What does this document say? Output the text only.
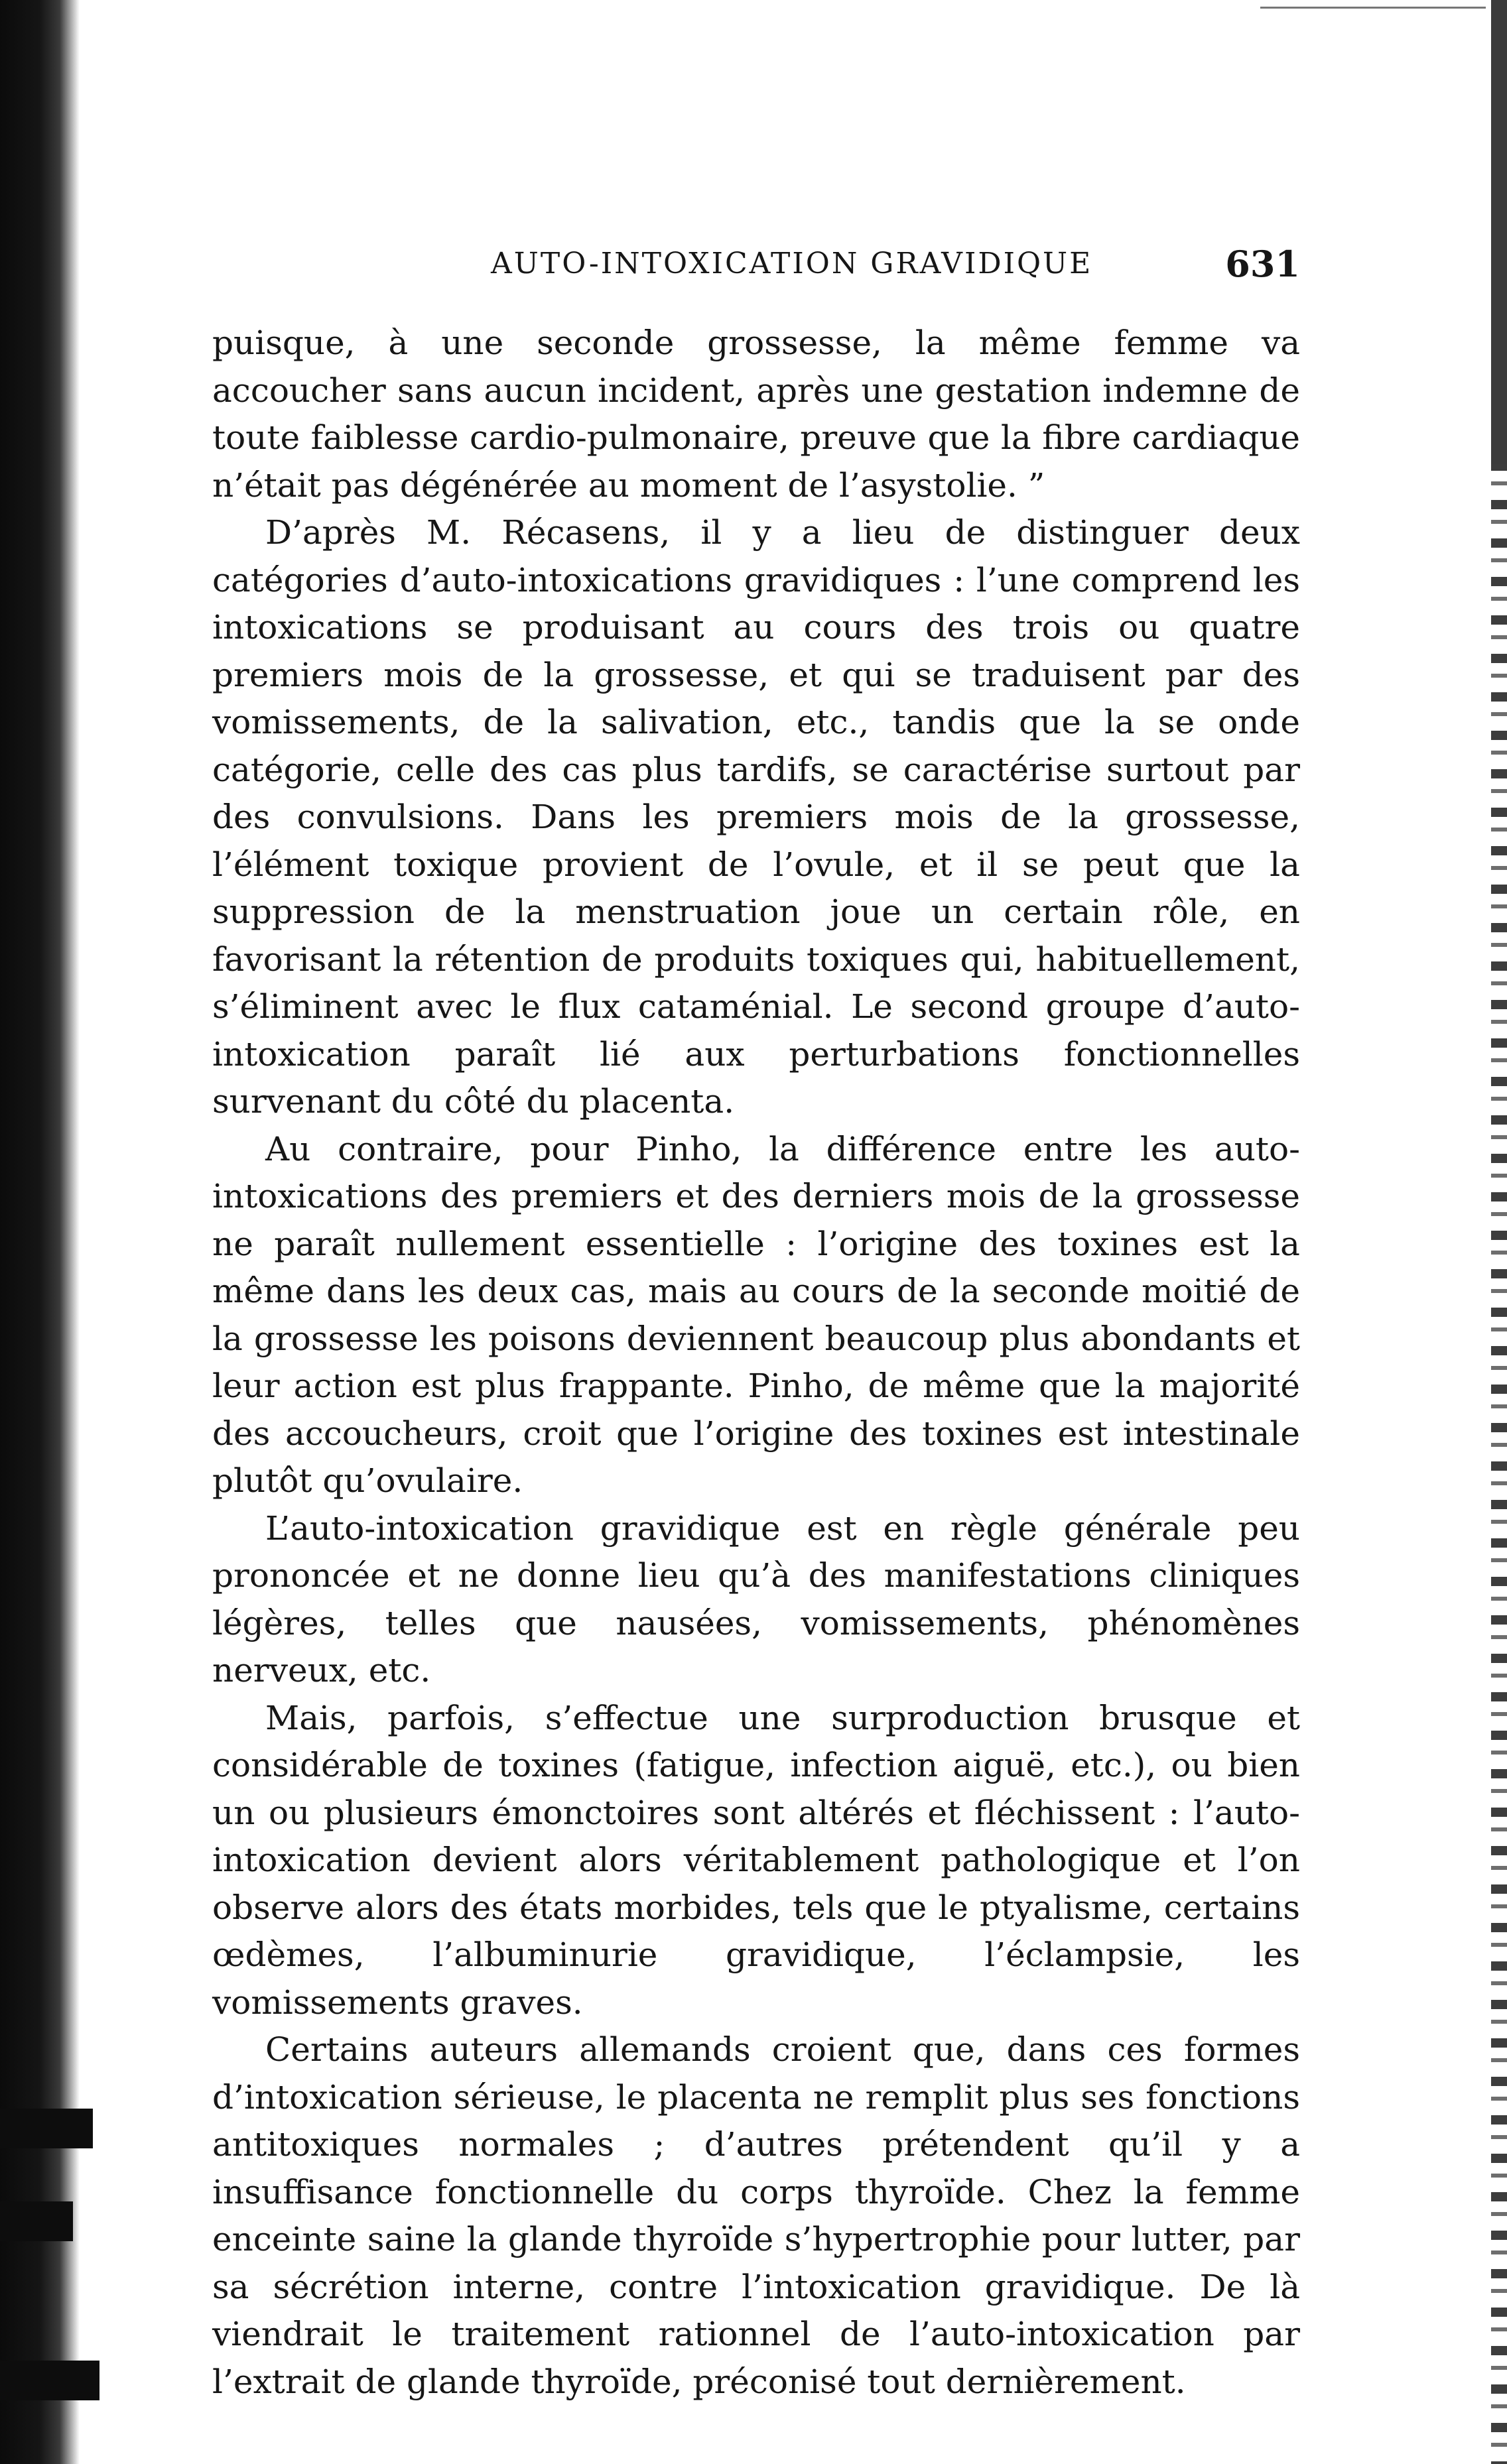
AUTO-INTOXICATION GRAVIDIQUE	631

puisque, à une seconde grossesse, la même femme va accoucher sans aucun incident, après une gestation indemne de toute faiblesse cardio-pulmonaire, preuve que la fibre cardiaque n’était pas dégénérée au moment de l’asystolie. ”

D’après M. Récasens, il y a lieu de distinguer deux catégories d’auto-intoxications gravidiques : l’une comprend les intoxications se produisant au cours des trois ou quatre premiers mois de la grossesse, et qui se traduisent par des vomissements, de la salivation, etc., tandis que la se onde catégorie, celle des cas plus tardifs, se caractérise surtout par des convulsions. Dans les premiers mois de la grossesse, l’élément toxique provient de l’ovule, et il se peut que la suppression de la menstruation joue un certain rôle, en favorisant la rétention de produits toxiques qui, habituellement, s’éliminent avec le flux cataménial. Le second groupe d’auto-intoxication paraît lié aux perturbations fonctionnelles survenant du côté du placenta.

Au contraire, pour Pinho, la différence entre les auto-intoxications des premiers et des derniers mois de la grossesse ne paraît nullement essentielle : l’origine des toxines est la même dans les deux cas, mais au cours de la seconde moitié de la grossesse les poisons deviennent beaucoup plus abondants et leur action est plus frappante. Pinho, de même que la majorité des accoucheurs, croit que l’origine des toxines est intestinale plutôt qu’ovulaire.

L’auto-intoxication gravidique est en règle générale peu prononcée et ne donne lieu qu’à des manifestations cliniques légères, telles que nausées, vomissements, phénomènes nerveux, etc.

Mais, parfois, s’effectue une surproduction brusque et considérable de toxines (fatigue, infection aiguë, etc.), ou bien un ou plusieurs émonctoires sont altérés et fléchissent : l’auto-intoxication devient alors véritablement pathologique et l’on observe alors des états morbides, tels que le ptyalisme, certains œdèmes, l’albuminurie gravidique, l’éclampsie, les vomissements graves.

Certains auteurs allemands croient que, dans ces formes d’intoxication sérieuse, le placenta ne remplit plus ses fonctions antitoxiques normales ; d’autres prétendent qu’il y a insuffisance fonctionnelle du corps thyroïde. Chez la femme enceinte saine la glande thyroïde s’hypertrophie pour lutter, par sa sécrétion interne, contre l’intoxication gravidique. De là viendrait le traitement rationnel de l’auto-intoxication par l’extrait de glande thyroïde, préconisé tout dernièrement.
